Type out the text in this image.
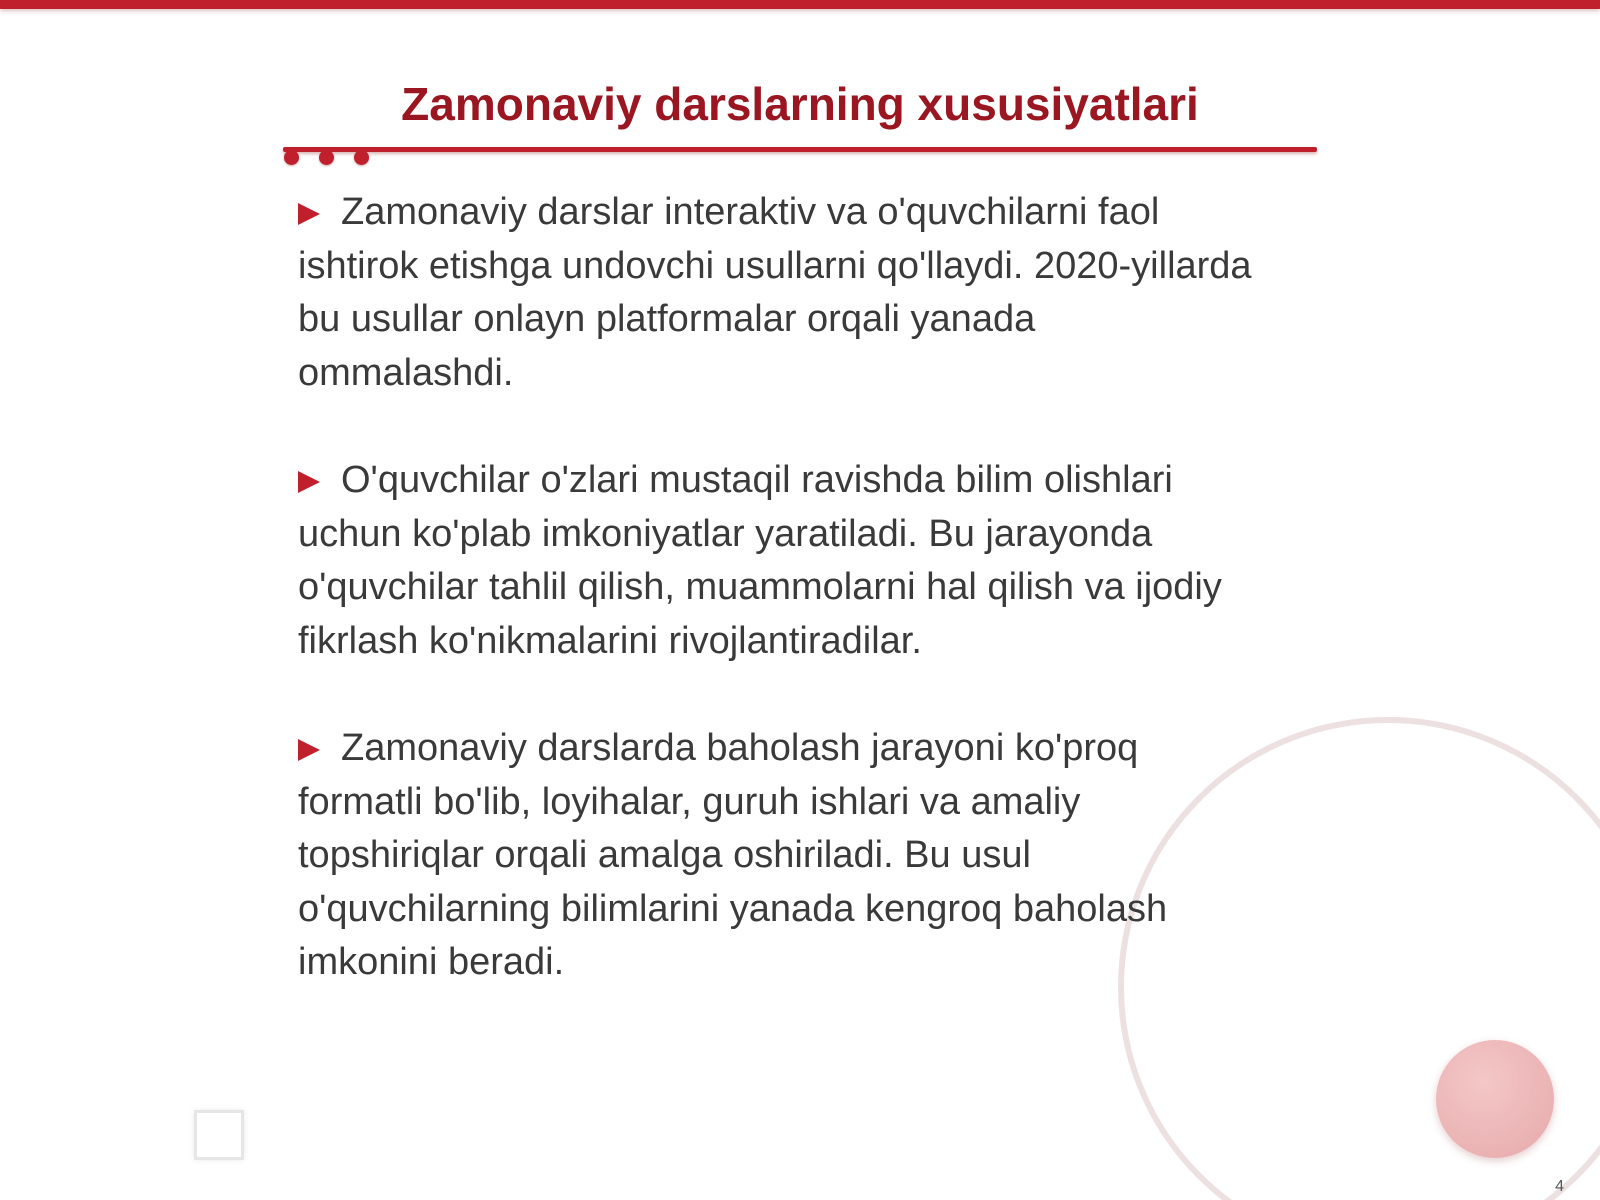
Zamonaviy darslarning xususiyatlari

Zamonaviy darslar interaktiv va o'quvchilarni faol ishtirok etishga undovchi usullarni qo'llaydi. 2020-yillarda bu usullar onlayn platformalar orqali yanada ommalashdi.

O'quvchilar o'zlari mustaqil ravishda bilim olishlari uchun ko'plab imkoniyatlar yaratiladi. Bu jarayonda o'quvchilar tahlil qilish, muammolarni hal qilish va ijodiy fikrlash ko'nikmalarini rivojlantiradilar.

Zamonaviy darslarda baholash jarayoni ko'proq formatli bo'lib, loyihalar, guruh ishlari va amaliy topshiriqlar orqali amalga oshiriladi. Bu usul o'quvchilarning bilimlarini yanada kengroq baholash imkonini beradi.

4
